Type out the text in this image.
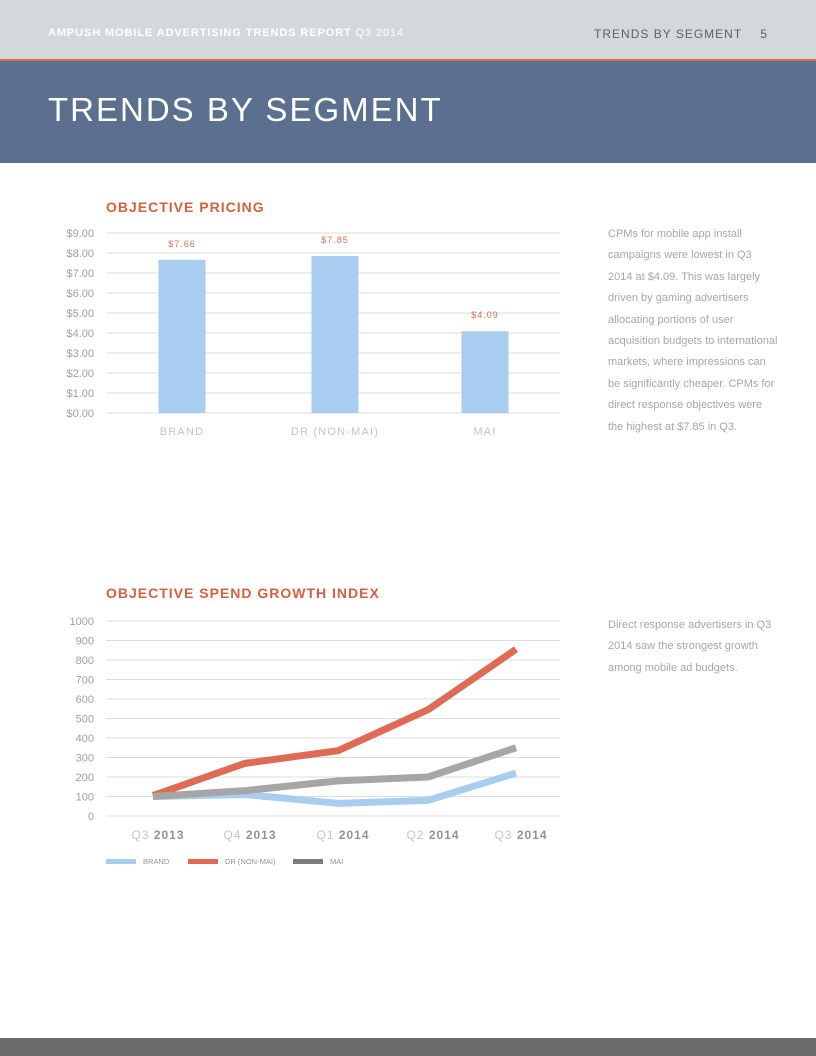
AMPUSH MOBILE ADVERTISING TRENDS REPORT Q3 2014	TRENDS BY SEGMENT 5
TRENDS BY SEGMENT
OBJECTIVE PRICING
$0.00
$1.00
$2.00
$3.00
$4.00
$5.00
$6.00
$7.00
$8.00
$9.00
$7.66
BRAND
$7.85
DR (NON-MAI)
$4.09
MAI

CPMs for mobile app install campaigns were lowest in Q3 2014 at $4.09. This was largely driven by gaming advertisers allocating portions of user acquisition budgets to international markets, where impressions can be significantly cheaper. CPMs for direct response objectives were the highest at $7.85 in Q3.

OBJECTIVE SPEND GROWTH INDEX
0
100
200
300
400
500
600
700
800
900
1000
Q3 2013	Q4 2013	Q1 2014	Q2 2014	Q3 2014
BRAND	DR (NON-MAI)	MAI

Direct response advertisers in Q3 2014 saw the strongest growth among mobile ad budgets.
